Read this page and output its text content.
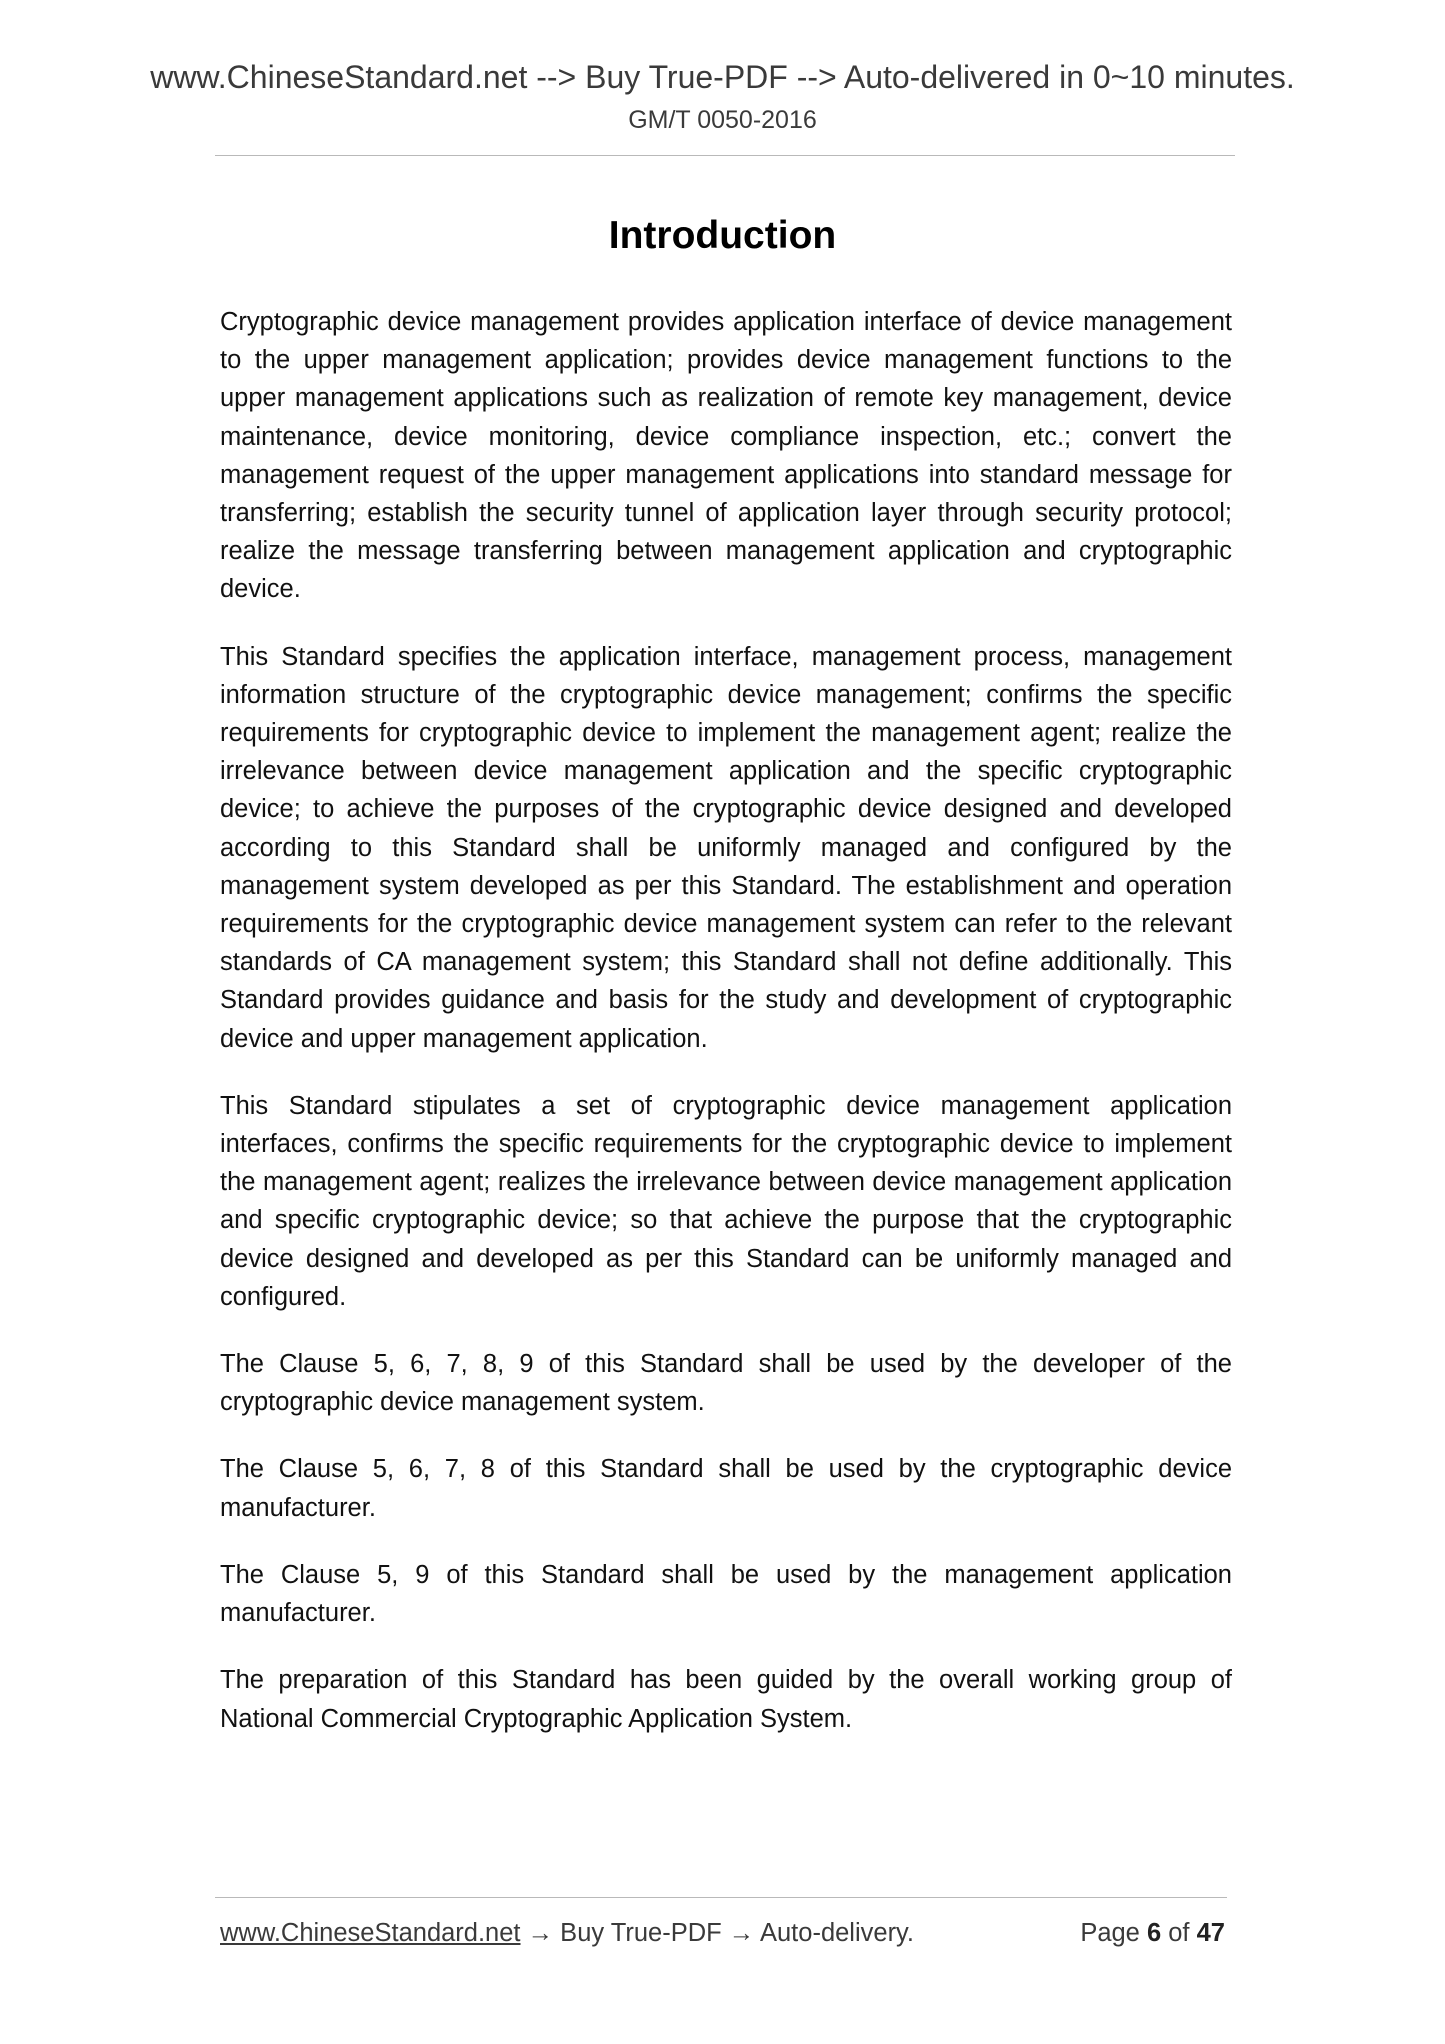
www.ChineseStandard.net --> Buy True-PDF --> Auto-delivered in 0~10 minutes.
GM/T 0050-2016
Introduction

Cryptographic device management provides application interface of device management to the upper management application; provides device management functions to the upper management applications such as realization of remote key management, device maintenance, device monitoring, device compliance inspection, etc.; convert the management request of the upper management applications into standard message for transferring; establish the security tunnel of application layer through security protocol; realize the message transferring between management application and cryptographic device.

This Standard specifies the application interface, management process, management information structure of the cryptographic device management; confirms the specific requirements for cryptographic device to implement the management agent; realize the irrelevance between device management application and the specific cryptographic device; to achieve the purposes of the cryptographic device designed and developed according to this Standard shall be uniformly managed and configured by the management system developed as per this Standard. The establishment and operation requirements for the cryptographic device management system can refer to the relevant standards of CA management system; this Standard shall not define additionally. This Standard provides guidance and basis for the study and development of cryptographic device and upper management application.

This Standard stipulates a set of cryptographic device management application interfaces, confirms the specific requirements for the cryptographic device to implement the management agent; realizes the irrelevance between device management application and specific cryptographic device; so that achieve the purpose that the cryptographic device designed and developed as per this Standard can be uniformly managed and configured.

The Clause 5, 6, 7, 8, 9 of this Standard shall be used by the developer of the cryptographic device management system.

The Clause 5, 6, 7, 8 of this Standard shall be used by the cryptographic device manufacturer.

The Clause 5, 9 of this Standard shall be used by the management application manufacturer.

The preparation of this Standard has been guided by the overall working group of National Commercial Cryptographic Application System.

www.ChineseStandard.net → Buy True-PDF → Auto-delivery.	Page 6 of 47
